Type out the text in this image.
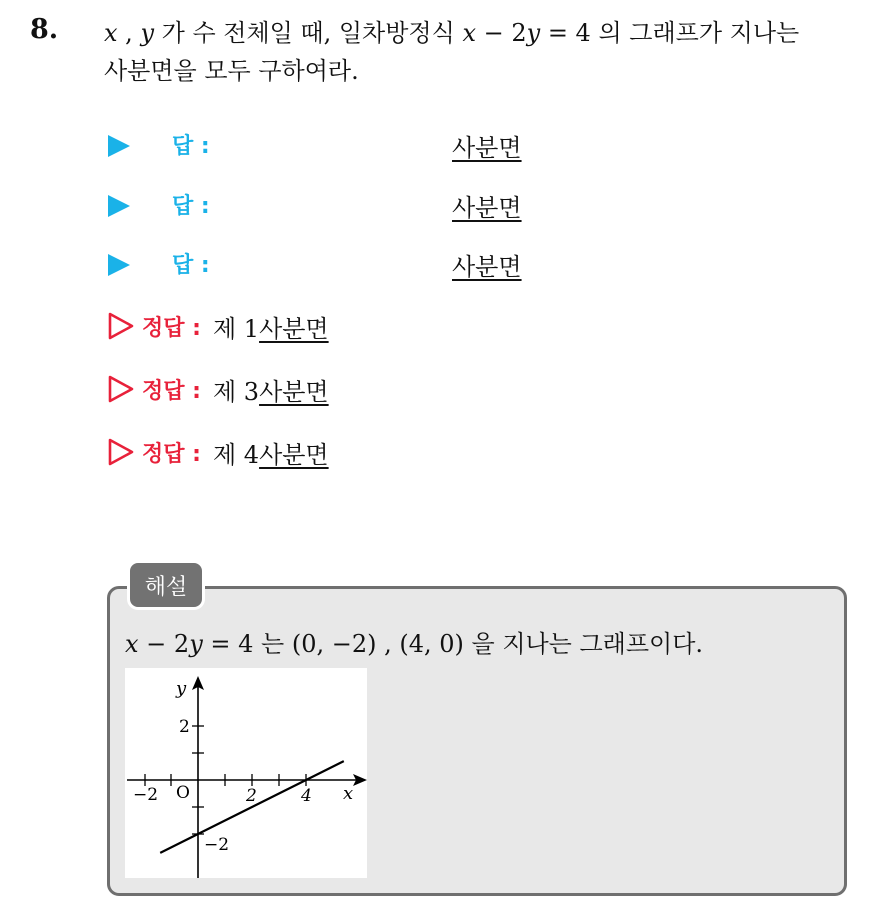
8. x , y 가 수 전체일 때, 일차방정식 x − 2y = 4 의 그래프가 지나는
사분면을 모두 구하여라.
답 :	사분면
답 :	사분면
답 :	사분면
정답 : 제 1 사분면
정답 : 제 3 사분면
정답 : 제 4 사분면
해설
x − 2y = 4 는 (0, −2) , (4, 0) 을 지나는 그래프이다.
−2 O	2	4 x
y
2
−2
